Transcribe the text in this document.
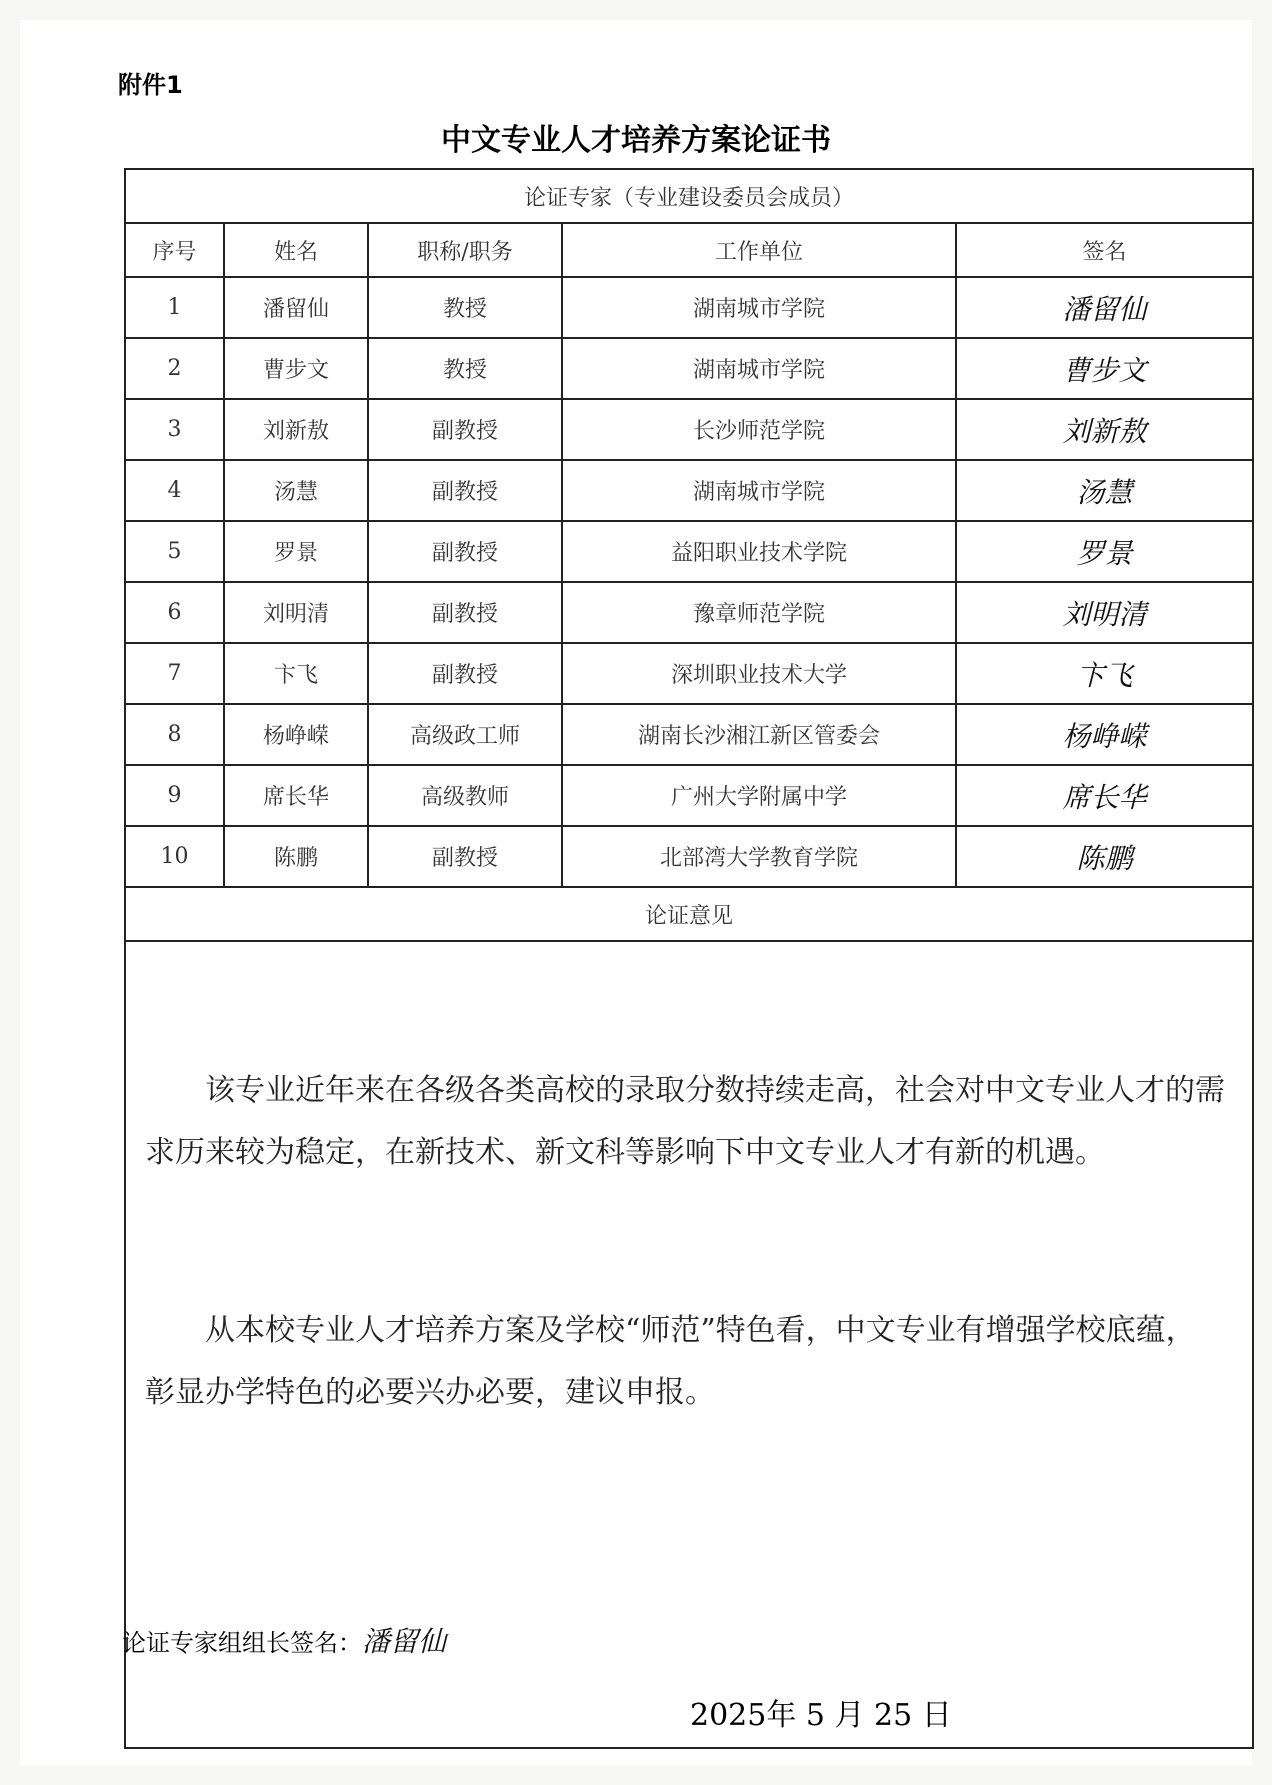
附件1
中文专业人才培养方案论证书
论证专家（专业建设委员会成员）				
序号	姓名	职称/职务	工作单位	签名
1	潘留仙	教授	湖南城市学院	潘留仙
2	曹步文	教授	湖南城市学院	曹步文
3	刘新敖	副教授	长沙师范学院	刘新敖
4	汤慧	副教授	湖南城市学院	汤慧
5	罗景	副教授	益阳职业技术学院	罗景
6	刘明清	副教授	豫章师范学院	刘明清
7	卞飞	副教授	深圳职业技术大学	卞飞
8	杨峥嵘	高级政工师	湖南长沙湘江新区管委会	杨峥嵘
9	席长华	高级教师	广州大学附属中学	席长华
10	陈鹏	副教授	北部湾大学教育学院	陈鹏
论证意见				
该专业近年来在各级各类高校的录取分数持续走高，社会对中文专业人才的需求历来较为稳定，在新技术、新文科等影响下中文专业人才有新的机遇。
从本校专业人才培养方案及学校“师范”特色看，中文专业有增强学校底蕴，彰显办学特色的必要兴办必要，建议申报。
论证专家组组长签名：潘留仙
2025年 5 月 25 日
